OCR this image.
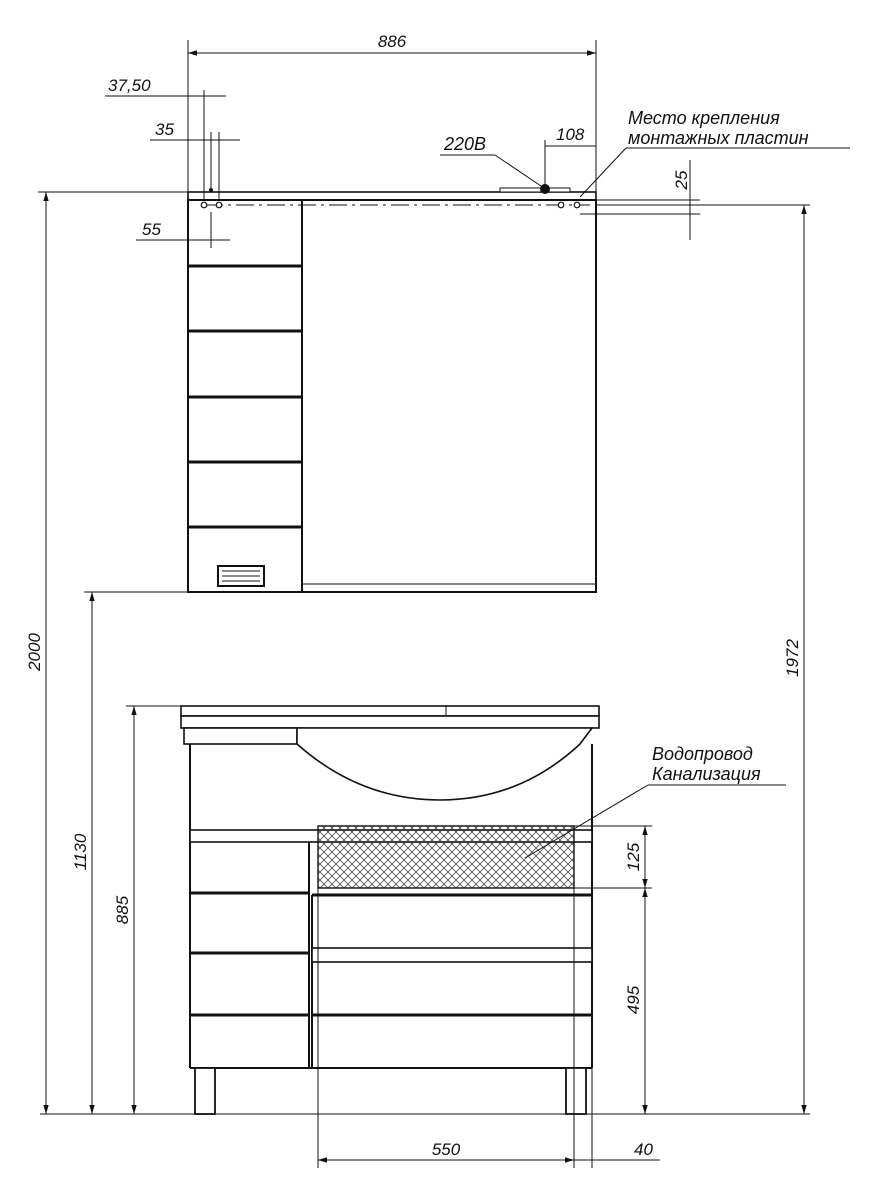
886
37,50
35
55
108
25
2000
1130
885
1972
125
495
550	40
220В
Место крепления
монтажных пластин
Водопровод
Канализация
